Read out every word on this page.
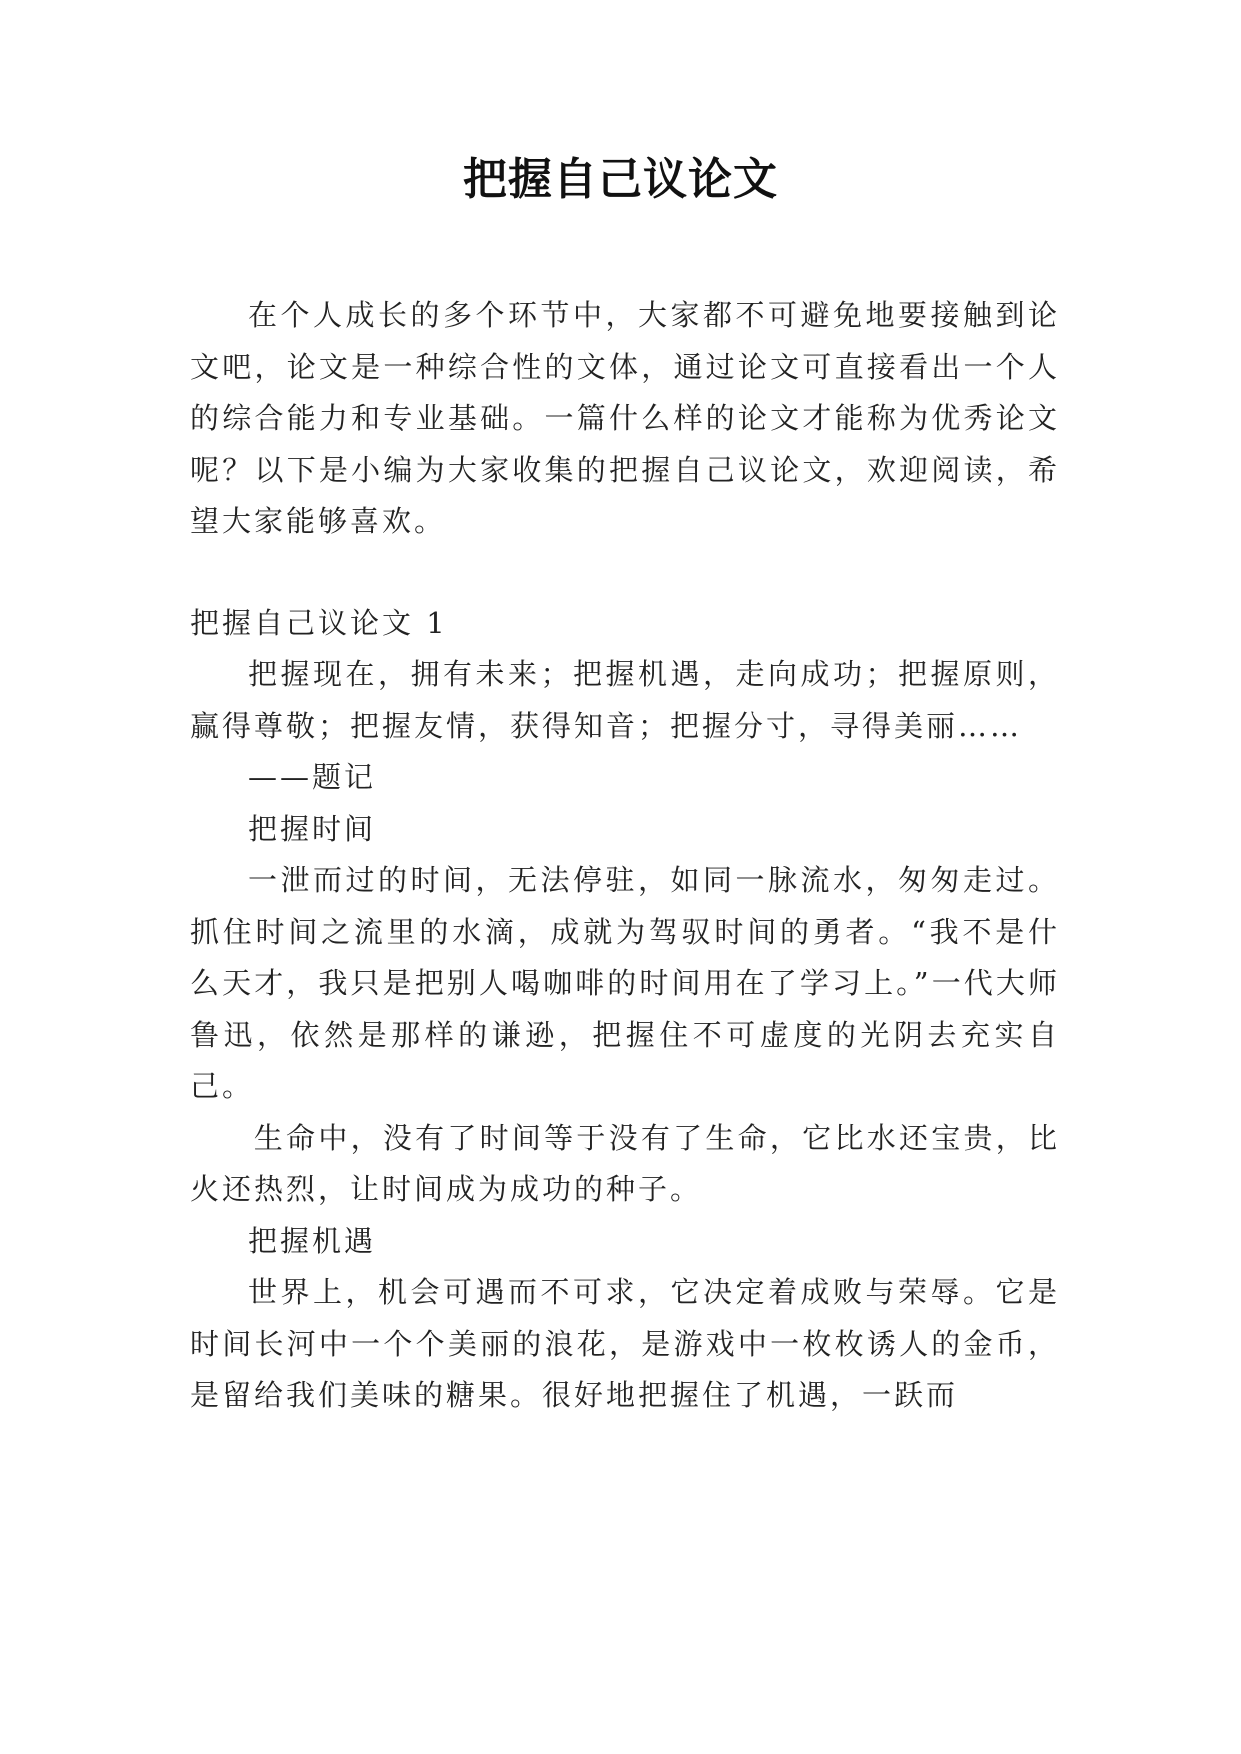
把握自己议论文

在个人成长的多个环节中，大家都不可避免地要接触到论文吧，论文是一种综合性的文体，通过论文可直接看出一个人的综合能力和专业基础。一篇什么样的论文才能称为优秀论文呢？以下是小编为大家收集的把握自己议论文，欢迎阅读，希望大家能够喜欢。

把握自己议论文 1

把握现在，拥有未来；把握机遇，走向成功；把握原则，赢得尊敬；把握友情，获得知音；把握分寸，寻得美丽……

——题记

把握时间

一泄而过的时间，无法停驻，如同一脉流水，匆匆走过。抓住时间之流里的水滴，成就为驾驭时间的勇者。“我不是什么天才，我只是把别人喝咖啡的时间用在了学习上。”一代大师鲁迅，依然是那样的谦逊，把握住不可虚度的光阴去充实自己。

生命中，没有了时间等于没有了生命，它比水还宝贵，比火还热烈，让时间成为成功的种子。

把握机遇

世界上，机会可遇而不可求，它决定着成败与荣辱。它是时间长河中一个个美丽的浪花，是游戏中一枚枚诱人的金币，是留给我们美味的糖果。很好地把握住了机遇，一跃而
